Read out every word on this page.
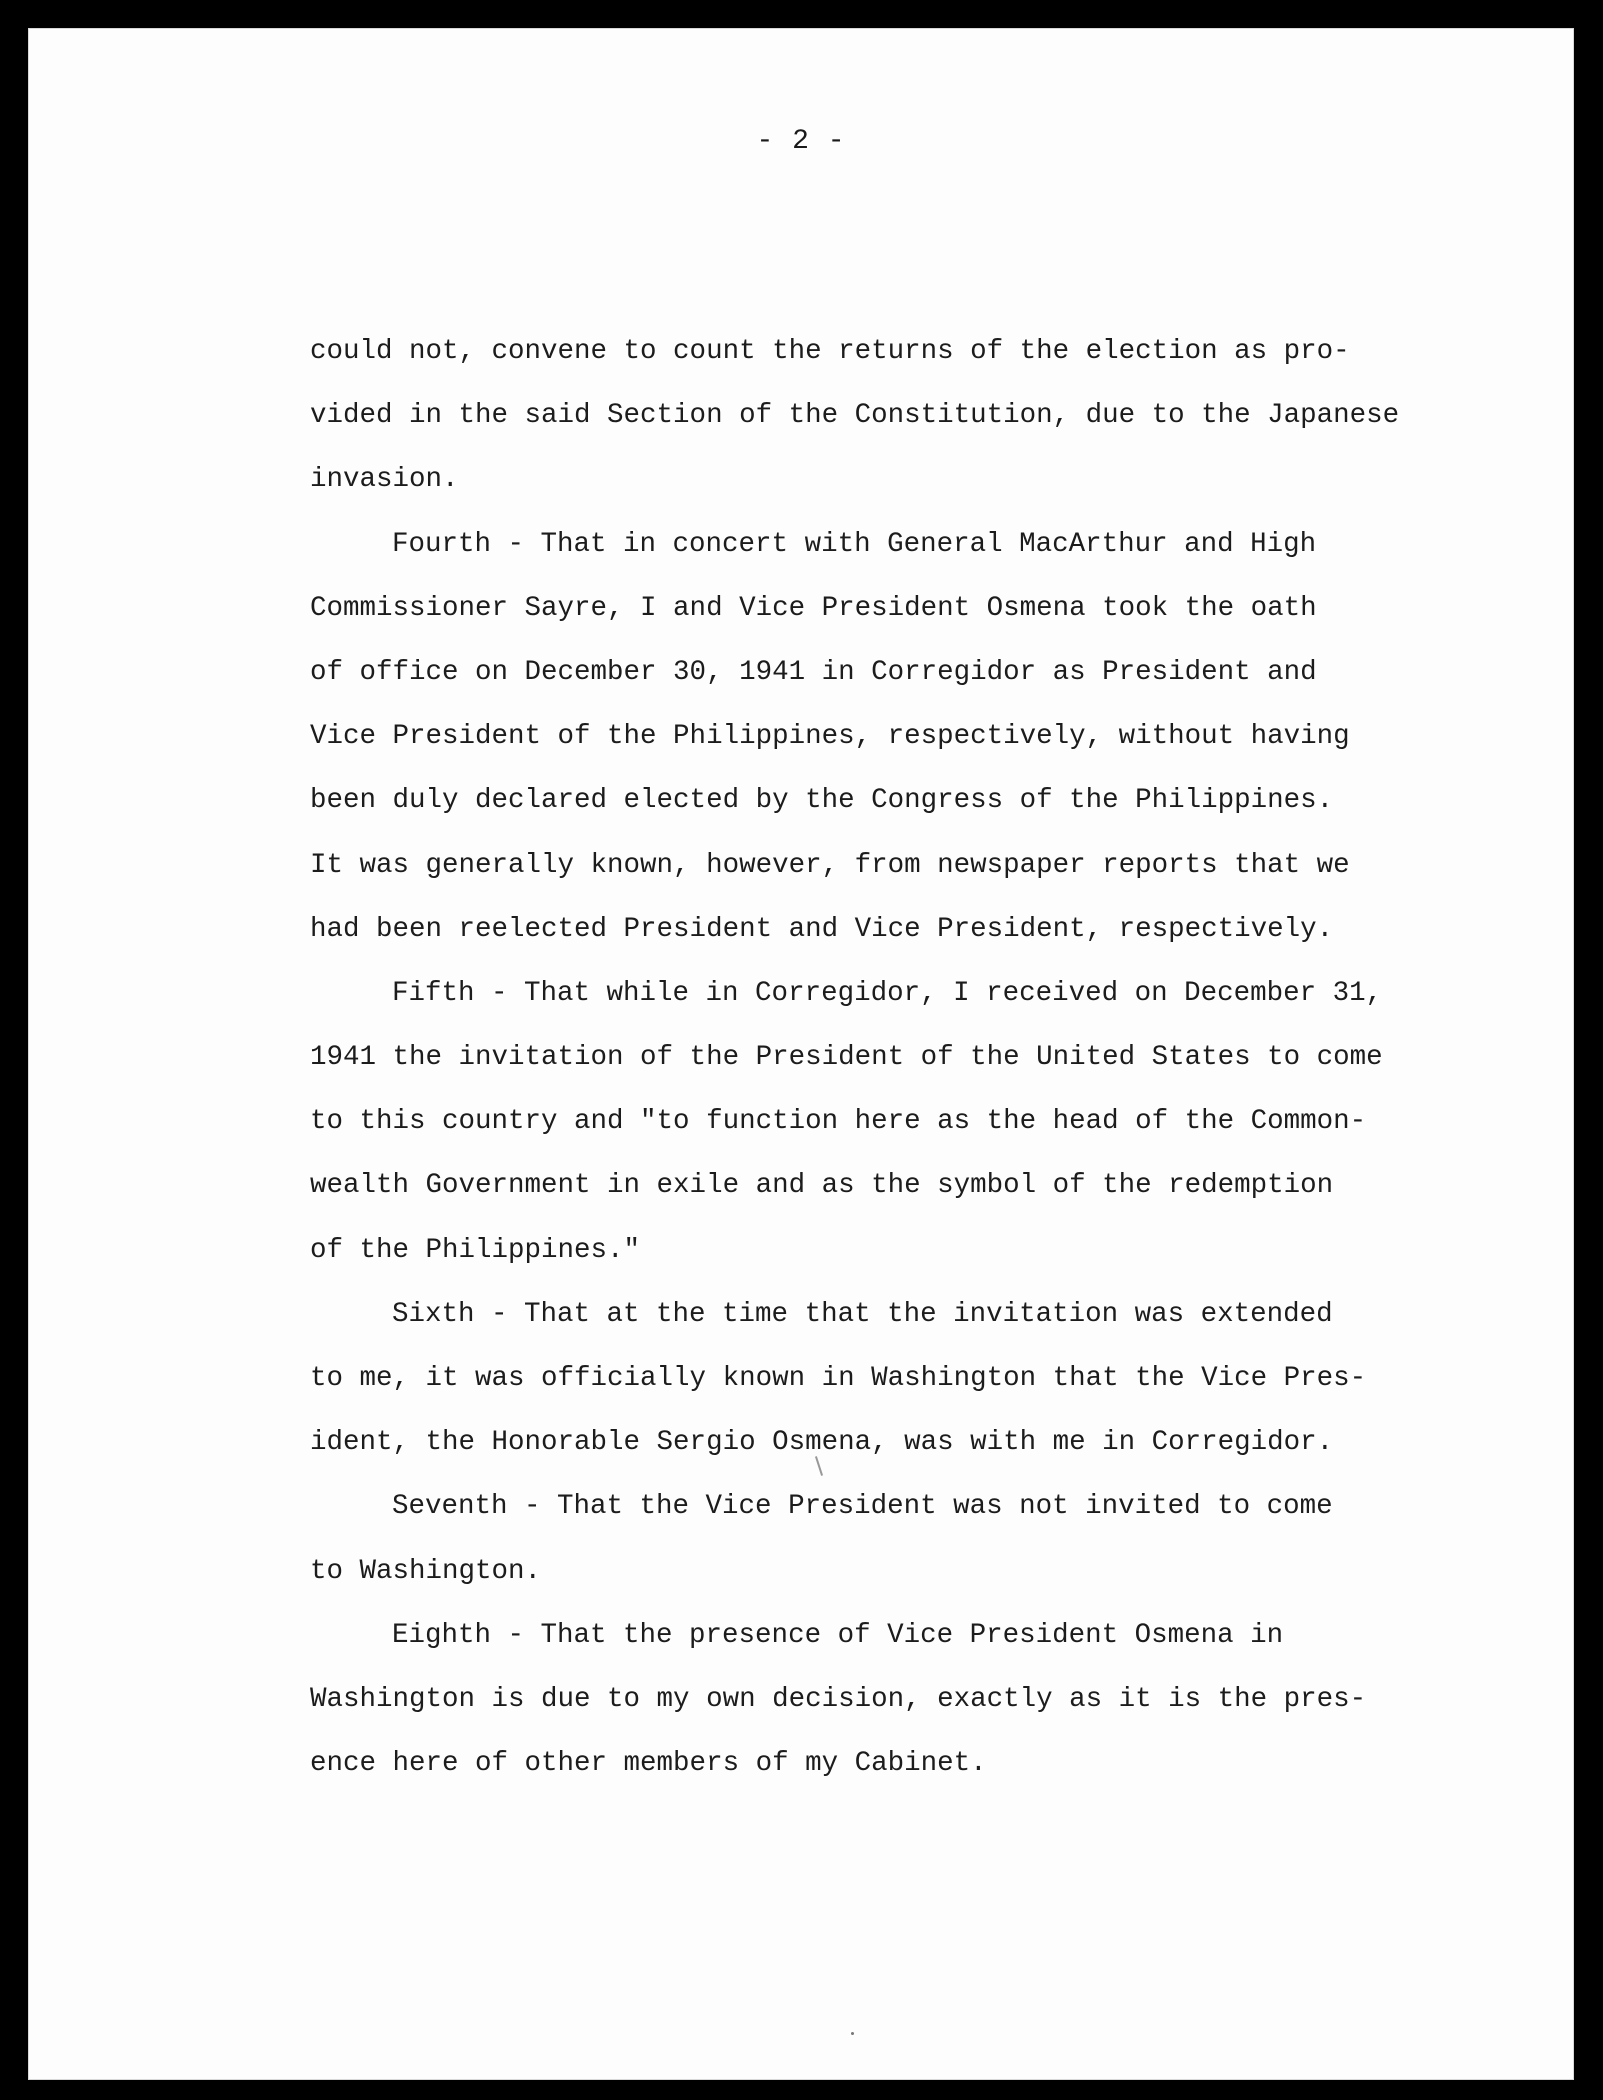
- 2 -
could not, convene to count the returns of the election as pro-
vided in the said Section of the Constitution, due to the Japanese
invasion.
Fourth - That in concert with General MacArthur and High
Commissioner Sayre, I and Vice President Osmena took the oath
of office on December 30, 1941 in Corregidor as President and
Vice President of the Philippines, respectively, without having
been duly declared elected by the Congress of the Philippines.
It was generally known, however, from newspaper reports that we
had been reelected President and Vice President, respectively.
Fifth - That while in Corregidor, I received on December 31,
1941 the invitation of the President of the United States to come
to this country and "to function here as the head of the Common-
wealth Government in exile and as the symbol of the redemption
of the Philippines."
Sixth - That at the time that the invitation was extended
to me, it was officially known in Washington that the Vice Pres-
ident, the Honorable Sergio Osmena, was with me in Corregidor.
Seventh - That the Vice President was not invited to come
to Washington.
Eighth - That the presence of Vice President Osmena in
Washington is due to my own decision, exactly as it is the pres-
ence here of other members of my Cabinet.
